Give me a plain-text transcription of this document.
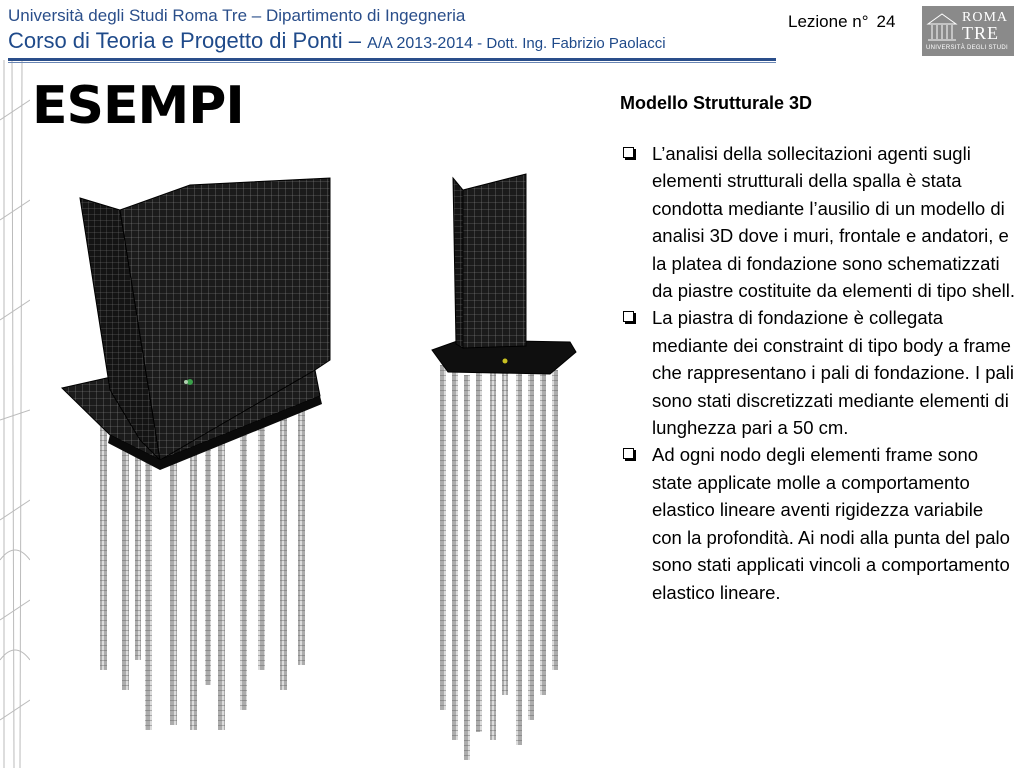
Università degli Studi Roma Tre – Dipartimento di Ingegneria
Corso di Teoria e Progetto di Ponti – A/A 2013-2014 - Dott. Ing. Fabrizio Paolacci
Lezione n° 24	ROMA
TRE
UNIVERSITÀ DEGLI STUDI
ESEMPI	Modello Strutturale 3D
L’analisi della sollecitazioni agenti sugli elementi strutturali della spalla è stata condotta mediante l’ausilio di un modello di analisi 3D dove i muri, frontale e andatori, e la platea di fondazione sono schematizzati da piastre costituite da elementi di tipo shell.
La piastra di fondazione è collegata mediante dei constraint di tipo body a frame che rappresentano i pali di fondazione. I pali sono stati discretizzati mediante elementi di lunghezza pari a 50 cm.
Ad ogni nodo degli elementi frame sono state applicate molle a comportamento elastico lineare aventi rigidezza variabile con la profondità. Ai nodi alla punta del palo sono stati applicati vincoli a comportamento elastico lineare.
